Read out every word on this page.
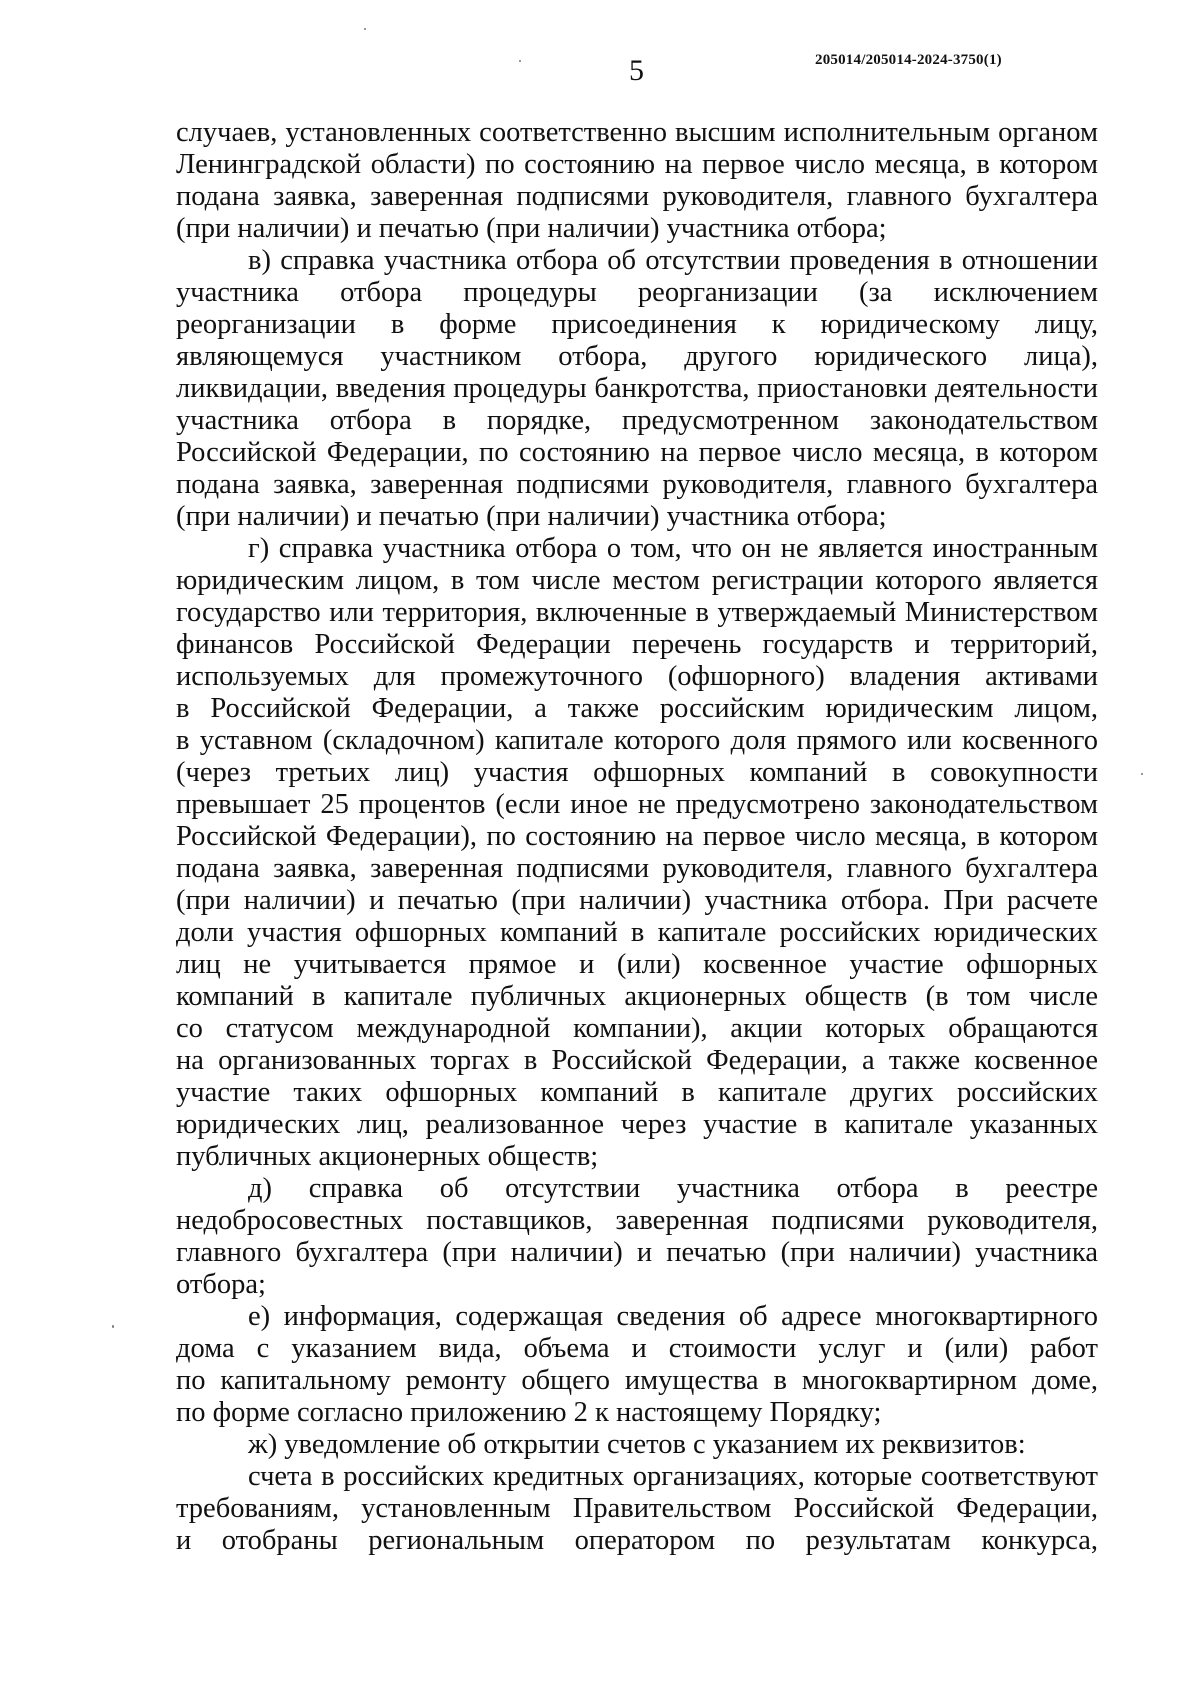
5	205014/205014-2024-3750(1)
случаев, установленных соответственно высшим исполнительным органом
Ленинградской области) по состоянию на первое число месяца, в котором
подана заявка, заверенная подписями руководителя, главного бухгалтера
(при наличии) и печатью (при наличии) участника отбора;
в) справка участника отбора об отсутствии проведения в отношении
участника отбора процедуры реорганизации (за исключением
реорганизации в форме присоединения к юридическому лицу,
являющемуся участником отбора, другого юридического лица),
ликвидации, введения процедуры банкротства, приостановки деятельности
участника отбора в порядке, предусмотренном законодательством
Российской Федерации, по состоянию на первое число месяца, в котором
подана заявка, заверенная подписями руководителя, главного бухгалтера
(при наличии) и печатью (при наличии) участника отбора;
г) справка участника отбора о том, что он не является иностранным
юридическим лицом, в том числе местом регистрации которого является
государство или территория, включенные в утверждаемый Министерством
финансов Российской Федерации перечень государств и территорий,
используемых для промежуточного (офшорного) владения активами
в Российской Федерации, а также российским юридическим лицом,
в уставном (складочном) капитале которого доля прямого или косвенного
(через третьих лиц) участия офшорных компаний в совокупности
превышает 25 процентов (если иное не предусмотрено законодательством
Российской Федерации), по состоянию на первое число месяца, в котором
подана заявка, заверенная подписями руководителя, главного бухгалтера
(при наличии) и печатью (при наличии) участника отбора. При расчете
доли участия офшорных компаний в капитале российских юридических
лиц не учитывается прямое и (или) косвенное участие офшорных
компаний в капитале публичных акционерных обществ (в том числе
со статусом международной компании), акции которых обращаются
на организованных торгах в Российской Федерации, а также косвенное
участие таких офшорных компаний в капитале других российских
юридических лиц, реализованное через участие в капитале указанных
публичных акционерных обществ;
д) справка об отсутствии участника отбора в реестре
недобросовестных поставщиков, заверенная подписями руководителя,
главного бухгалтера (при наличии) и печатью (при наличии) участника
отбора;
е) информация, содержащая сведения об адресе многоквартирного
дома с указанием вида, объема и стоимости услуг и (или) работ
по капитальному ремонту общего имущества в многоквартирном доме,
по форме согласно приложению 2 к настоящему Порядку;
ж) уведомление об открытии счетов с указанием их реквизитов:
счета в российских кредитных организациях, которые соответствуют
требованиям, установленным Правительством Российской Федерации,
и отобраны региональным оператором по результатам конкурса,
